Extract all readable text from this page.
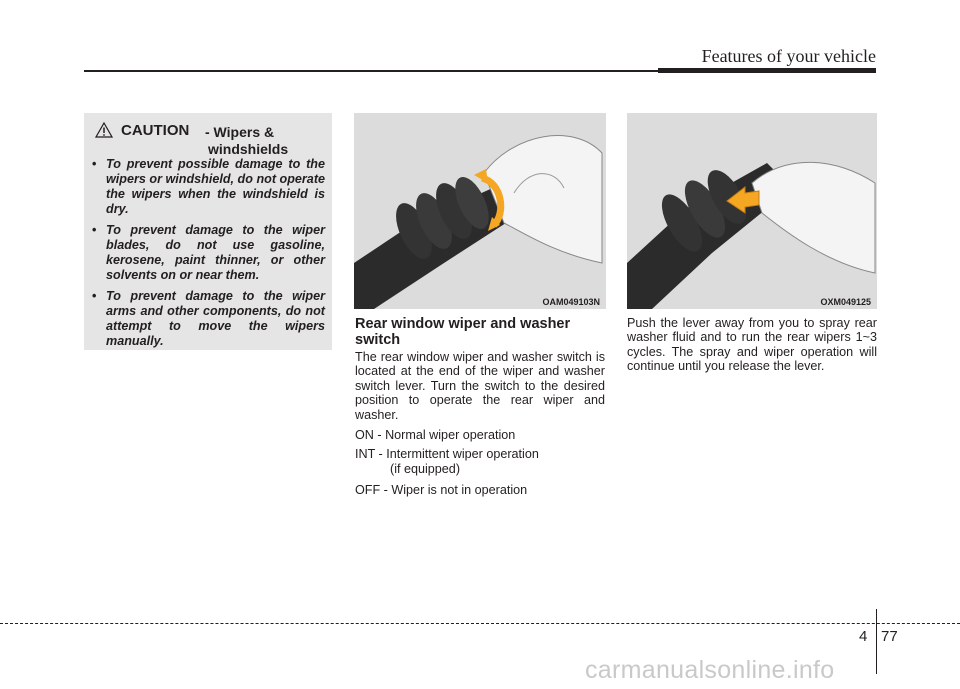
Features of your vehicle
CAUTION - Wipers &
windshields
• To prevent possible damage to the wipers or windshield, do not operate the wipers when the windshield is dry.
• To prevent damage to the wiper blades, do not use gasoline, kerosene, paint thinner, or other solvents on or near them.
• To prevent damage to the wiper arms and other components, do not attempt to move the wipers manually.
OAM049103N	OXM049125
Rear window wiper and washer switch
The rear window wiper and washer switch is located at the end of the wiper and washer switch lever. Turn the switch to the desired position to operate the rear wiper and washer.
ON - Normal wiper operation
INT - Intermittent wiper operation
(if equipped)
OFF - Wiper is not in operation
Push the lever away from you to spray rear washer fluid and to run the rear wipers 1~3 cycles. The spray and wiper operation will continue until you release the lever.
4 77
carmanualsonline.info
